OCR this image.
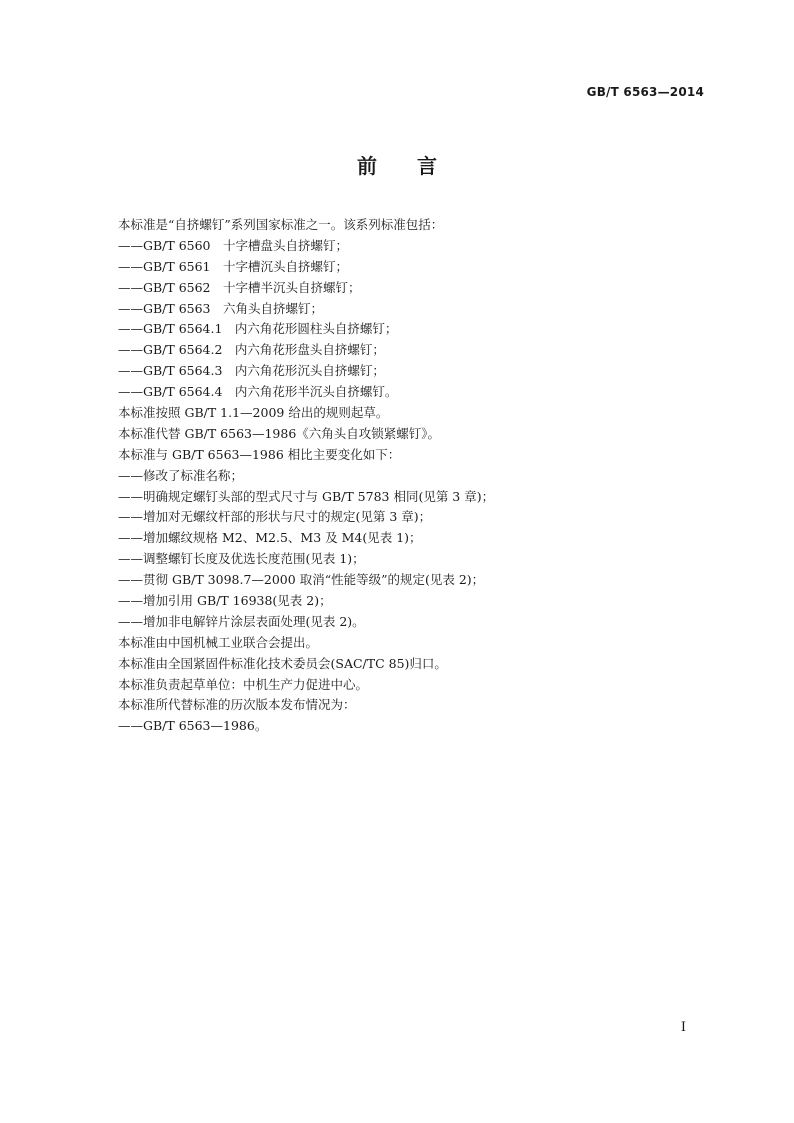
GB/T 6563—2014
前言
本标准是“自挤螺钉”系列国家标准之一。该系列标准包括：
——GB/T 6560　十字槽盘头自挤螺钉；
——GB/T 6561　十字槽沉头自挤螺钉；
——GB/T 6562　十字槽半沉头自挤螺钉；
——GB/T 6563　六角头自挤螺钉；
——GB/T 6564.1　内六角花形圆柱头自挤螺钉；
——GB/T 6564.2　内六角花形盘头自挤螺钉；
——GB/T 6564.3　内六角花形沉头自挤螺钉；
——GB/T 6564.4　内六角花形半沉头自挤螺钉。
本标准按照 GB/T 1.1—2009 给出的规则起草。
本标准代替 GB/T 6563—1986《六角头自攻锁紧螺钉》。
本标准与 GB/T 6563—1986 相比主要变化如下：
——修改了标准名称；
——明确规定螺钉头部的型式尺寸与 GB/T 5783 相同(见第 3 章)；
——增加对无螺纹杆部的形状与尺寸的规定(见第 3 章)；
——增加螺纹规格 M2、M2.5、M3 及 M4(见表 1)；
——调整螺钉长度及优选长度范围(见表 1)；
——贯彻 GB/T 3098.7—2000 取消“性能等级”的规定(见表 2)；
——增加引用 GB/T 16938(见表 2)；
——增加非电解锌片涂层表面处理(见表 2)。
本标准由中国机械工业联合会提出。
本标准由全国紧固件标准化技术委员会(SAC/TC 85)归口。
本标准负责起草单位：中机生产力促进中心。
本标准所代替标准的历次版本发布情况为：
——GB/T 6563—1986。
I
